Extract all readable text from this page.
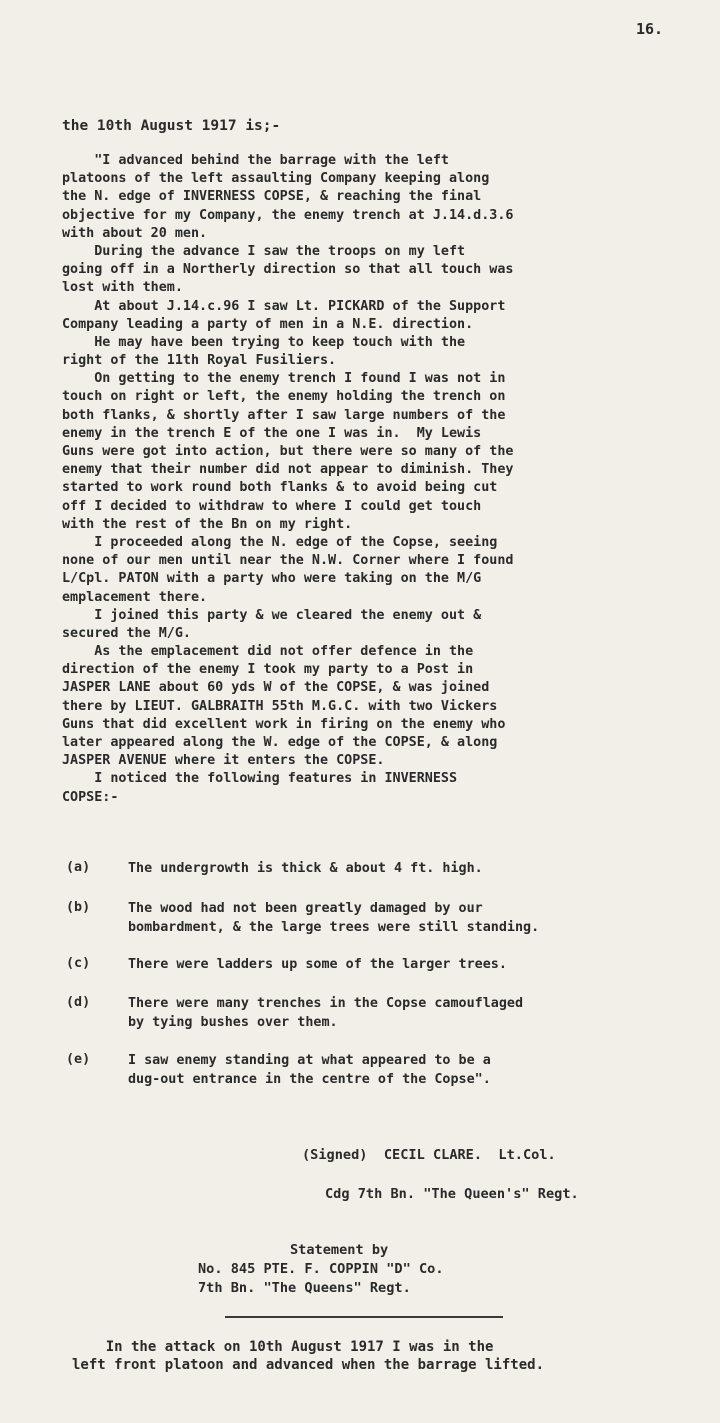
16.
the 10th August 1917 is;-
"I advanced behind the barrage with the left
platoons of the left assaulting Company keeping along
the N. edge of INVERNESS COPSE, & reaching the final
objective for my Company, the enemy trench at J.14.d.3.6
with about 20 men.
During the advance I saw the troops on my left
going off in a Northerly direction so that all touch was
lost with them.
At about J.14.c.96 I saw Lt. PICKARD of the Support
Company leading a party of men in a N.E. direction.
He may have been trying to keep touch with the
right of the 11th Royal Fusiliers.
On getting to the enemy trench I found I was not in
touch on right or left, the enemy holding the trench on
both flanks, & shortly after I saw large numbers of the
enemy in the trench E of the one I was in.  My Lewis
Guns were got into action, but there were so many of the
enemy that their number did not appear to diminish. They
started to work round both flanks & to avoid being cut
off I decided to withdraw to where I could get touch
with the rest of the Bn on my right.
I proceeded along the N. edge of the Copse, seeing
none of our men until near the N.W. Corner where I found
L/Cpl. PATON with a party who were taking on the M/G
emplacement there.
I joined this party & we cleared the enemy out &
secured the M/G.
As the emplacement did not offer defence in the
direction of the enemy I took my party to a Post in
JASPER LANE about 60 yds W of the COPSE, & was joined
there by LIEUT. GALBRAITH 55th M.G.C. with two Vickers
Guns that did excellent work in firing on the enemy who
later appeared along the W. edge of the COPSE, & along
JASPER AVENUE where it enters the COPSE.
I noticed the following features in INVERNESS
COPSE:-
(a)	The undergrowth is thick & about 4 ft. high.
(b)	The wood had not been greatly damaged by our
bombardment, & the large trees were still standing.
(c)	There were ladders up some of the larger trees.
(d)	There were many trenches in the Copse camouflaged
by tying bushes over them.
(e)	I saw enemy standing at what appeared to be a
dug-out entrance in the centre of the Copse".
(Signed)  CECIL CLARE.  Lt.Col.
Cdg 7th Bn. "The Queen's" Regt.
Statement by
No. 845 PTE. F. COPPIN "D" Co.
7th Bn. "The Queens" Regt.
In the attack on 10th August 1917 I was in the
left front platoon and advanced when the barrage lifted.
